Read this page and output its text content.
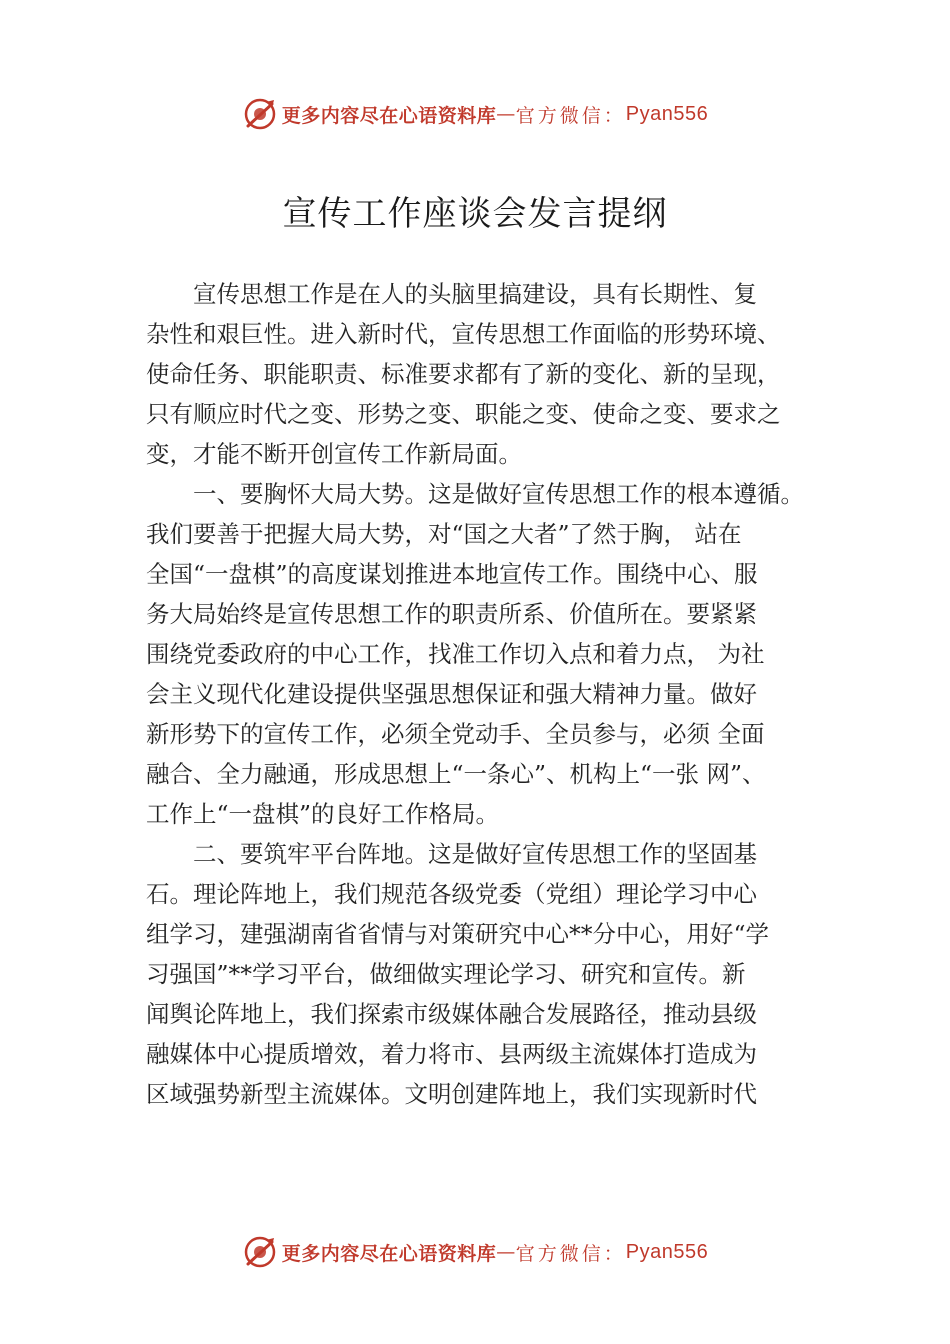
更多内容尽在心语资料库 — 官方微信： Pyan556
宣传工作座谈会发言提纲
　　宣传思想工作是在人的头脑里搞建设，具有长期性、复
杂性和艰巨性。进入新时代，宣传思想工作面临的形势环境、
使命任务、职能职责、标准要求都有了新的变化、新的呈现，
只有顺应时代之变、形势之变、职能之变、使命之变、要求之
变，才能不断开创宣传工作新局面。
　　一、要胸怀大局大势。这是做好宣传思想工作的根本遵循。
我们要善于把握大局大势，对“国之大者”了然于胸， 站在
全国“一盘棋”的高度谋划推进本地宣传工作。围绕中心、服
务大局始终是宣传思想工作的职责所系、价值所在。要紧紧
围绕党委政府的中心工作，找准工作切入点和着力点， 为社
会主义现代化建设提供坚强思想保证和强大精神力量。做好
新形势下的宣传工作，必须全党动手、全员参与，必须 全面
融合、全力融通，形成思想上“一条心”、机构上“一张 网”、
工作上“一盘棋”的良好工作格局。
　　二、要筑牢平台阵地。这是做好宣传思想工作的坚固基
石。理论阵地上，我们规范各级党委（党组）理论学习中心
组学习，建强湖南省省情与对策研究中心**分中心，用好“学
习强国”**学习平台，做细做实理论学习、研究和宣传。新
闻舆论阵地上，我们探索市级媒体融合发展路径，推动县级
融媒体中心提质增效，着力将市、县两级主流媒体打造成为
区域强势新型主流媒体。文明创建阵地上，我们实现新时代
更多内容尽在心语资料库 — 官方微信： Pyan556
